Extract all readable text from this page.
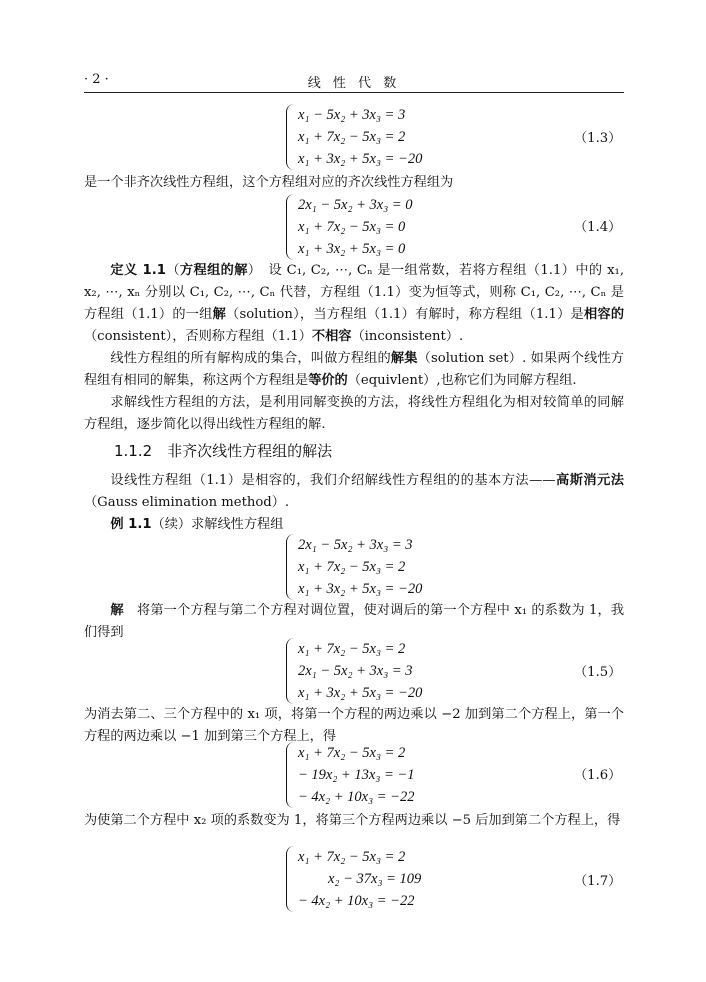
· 2 ·	线 性 代 数
x₁ − 5x₂ + 3x₃ = 3
x₁ + 7x₂ − 5x₃ = 2
x₁ + 3x₂ + 5x₃ = −20
（1.3）

是一个非齐次线性方程组，这个方程组对应的齐次线性方程组为

2x₁ − 5x₂ + 3x₃ = 0
x₁ + 7x₂ − 5x₃ = 0
x₁ + 3x₂ + 5x₃ = 0
（1.4）

定义 1.1（方程组的解）　设 C₁, C₂, ⋯, Cₙ 是一组常数，若将方程组（1.1）中的 x₁, x₂, ⋯, xₙ 分别以 C₁, C₂, ⋯, Cₙ 代替，方程组（1.1）变为恒等式，则称 C₁, C₂, ⋯, Cₙ 是方程组（1.1）的一组解（solution），当方程组（1.1）有解时，称方程组（1.1）是相容的（consistent），否则称方程组（1.1）不相容（inconsistent）.

线性方程组的所有解构成的集合，叫做方程组的解集（solution set）. 如果两个线性方程组有相同的解集，称这两个方程组是等价的（equivlent）,也称它们为同解方程组.

求解线性方程组的方法，是利用同解变换的方法，将线性方程组化为相对较简单的同解方程组，逐步简化以得出线性方程组的解.

1.1.2　非齐次线性方程组的解法

设线性方程组（1.1）是相容的，我们介绍解线性方程组的的基本方法——高斯消元法（Gauss elimination method）.

例 1.1（续）求解线性方程组

2x₁ − 5x₂ + 3x₃ = 3
x₁ + 7x₂ − 5x₃ = 2
x₁ + 3x₂ + 5x₃ = −20

解　将第一个方程与第二个方程对调位置，使对调后的第一个方程中 x₁ 的系数为 1，我们得到

x₁ + 7x₂ − 5x₃ = 2
2x₁ − 5x₂ + 3x₃ = 3
x₁ + 3x₂ + 5x₃ = −20
（1.5）

为消去第二、三个方程中的 x₁ 项，将第一个方程的两边乘以 −2 加到第二个方程上，第一个方程的两边乘以 −1 加到第三个方程上，得

x₁ + 7x₂ − 5x₃ = 2
− 19x₂ + 13x₃ = −1
− 4x₂ + 10x₃ = −22
（1.6）

为使第二个方程中 x₂ 项的系数变为 1，将第三个方程两边乘以 −5 后加到第二个方程上，得

x₁ + 7x₂ − 5x₃ = 2
x₂ − 37x₃ = 109
− 4x₂ + 10x₃ = −22
（1.7）
